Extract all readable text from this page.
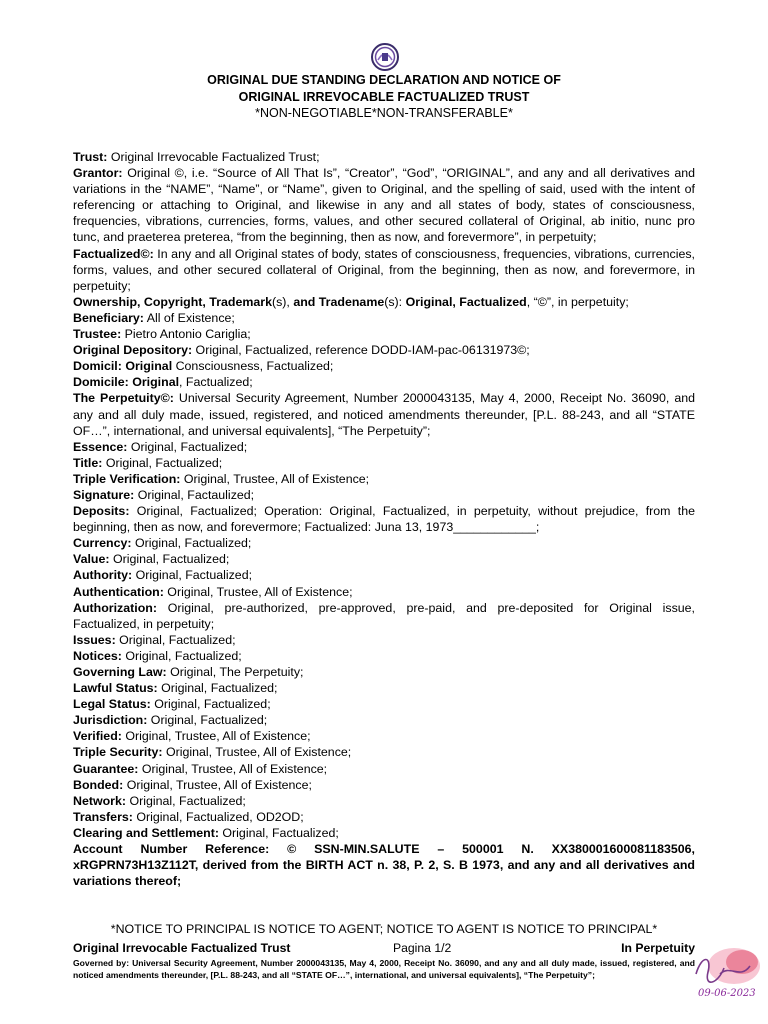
ORIGINAL DUE STANDING DECLARATION AND NOTICE OF
ORIGINAL IRREVOCABLE FACTUALIZED TRUST
*NON-NEGOTIABLE*NON-TRANSFERABLE*

Trust: Original Irrevocable Factualized Trust;

Grantor: Original ©, i.e. “Source of All That Is”, “Creator”, “God”, “ORIGINAL”, and any and all derivatives and variations in the “NAME”, “Name”, or “Name”, given to Original, and the spelling of said, used with the intent of referencing or attaching to Original, and likewise in any and all states of body, states of consciousness, frequencies, vibrations, currencies, forms, values, and other secured collateral of Original, ab initio, nunc pro tunc, and praeterea preterea, “from the beginning, then as now, and forevermore”, in perpetuity;

Factualized©: In any and all Original states of body, states of consciousness, frequencies, vibrations, currencies, forms, values, and other secured collateral of Original, from the beginning, then as now, and forevermore, in perpetuity;

Ownership, Copyright, Trademark(s), and Tradename(s): Original, Factualized, “©”, in perpetuity;

Beneficiary: All of Existence;

Trustee: Pietro Antonio Cariglia;

Original Depository: Original, Factualized, reference DODD-IAM-pac-06131973©;

Domicil: Original Consciousness, Factualized;

Domicile: Original, Factualized;

The Perpetuity©: Universal Security Agreement, Number 2000043135, May 4, 2000, Receipt No. 36090, and any and all duly made, issued, registered, and noticed amendments thereunder, [P.L. 88-243, and all “STATE OF…”, international, and universal equivalents], “The Perpetuity”;

Essence: Original, Factualized;

Title: Original, Factualized;

Triple Verification: Original, Trustee, All of Existence;

Signature: Original, Factaulized;

Deposits: Original, Factualized; Operation: Original, Factualized, in perpetuity, without prejudice, from the beginning, then as now, and forevermore; Factualized: Juna 13, 1973____________;

Currency: Original, Factualized;

Value: Original, Factualized;

Authority: Original, Factualized;

Authentication: Original, Trustee, All of Existence;

Authorization: Original, pre-authorized, pre-approved, pre-paid, and pre-deposited for Original issue, Factualized, in perpetuity;

Issues: Original, Factualized;

Notices: Original, Factualized;

Governing Law: Original, The Perpetuity;

Lawful Status: Original, Factualized;

Legal Status: Original, Factualized;

Jurisdiction: Original, Factualized;

Verified: Original, Trustee, All of Existence;

Triple Security: Original, Trustee, All of Existence;

Guarantee: Original, Trustee, All of Existence;

Bonded: Original, Trustee, All of Existence;

Network: Original, Factualized;

Transfers: Original, Factualized, OD2OD;

Clearing and Settlement: Original, Factualized;

Account Number Reference: © SSN-MIN.SALUTE – 500001 N. XX380001600081183506, xRGPRN73H13Z112T, derived from the BIRTH ACT n. 38, P. 2, S. B 1973, and any and all derivatives and variations thereof;

*NOTICE TO PRINCIPAL IS NOTICE TO AGENT; NOTICE TO AGENT IS NOTICE TO PRINCIPAL*
Original Irrevocable Factualized Trust	Pagina 1/2	In Perpetuity
Governed by: Universal Security Agreement, Number 2000043135, May 4, 2000, Receipt No. 36090, and any and all duly made, issued, registered, and noticed amendments thereunder, [P.L. 88-243, and all “STATE OF…”, international, and universal equivalents], “The Perpetuity”;
09-06-2023
